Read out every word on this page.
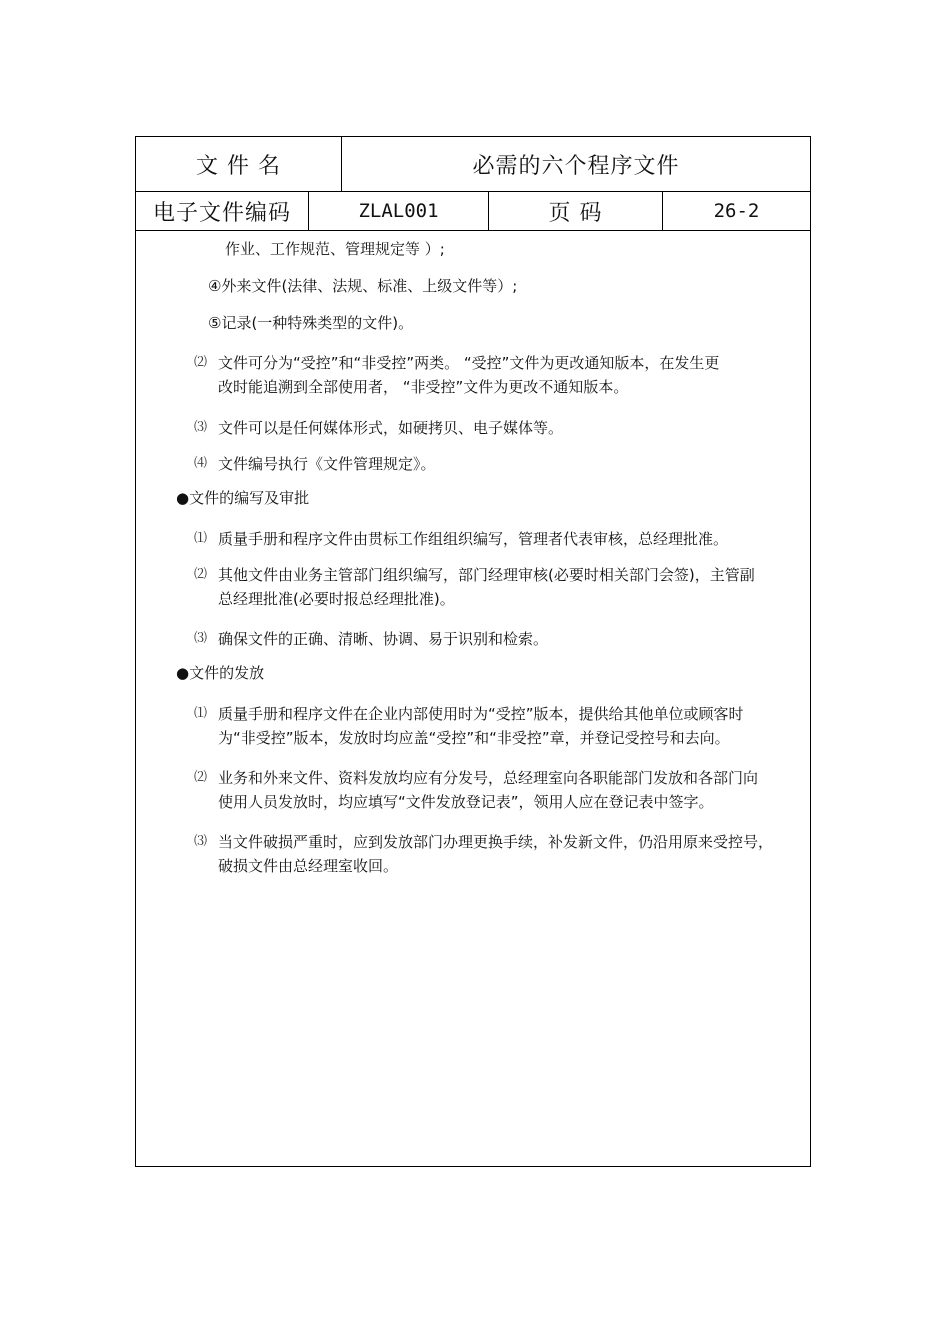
文 件 名	必需的六个程序文件
电子文件编码	ZLAL001	页 码	26-2
作业、工作规范、管理规定等 ）;
④外来文件(法律、法规、标准、上级文件等）;
⑤记录(一种特殊类型的文件)。
⑵ 文件可分为“受控”和“非受控”两类。 “受控”文件为更改通知版本，在发生更
改时能追溯到全部使用者， “非受控”文件为更改不通知版本。
⑶ 文件可以是任何媒体形式，如硬拷贝、电子媒体等。
⑷ 文件编号执行《文件管理规定》。
●文件的编写及审批
⑴ 质量手册和程序文件由贯标工作组组织编写，管理者代表审核，总经理批准。
⑵ 其他文件由业务主管部门组织编写，部门经理审核(必要时相关部门会签)，主管副
总经理批准(必要时报总经理批准)。
⑶ 确保文件的正确、清晰、协调、易于识别和检索。
●文件的发放
⑴ 质量手册和程序文件在企业内部使用时为“受控”版本，提供给其他单位或顾客时
为“非受控”版本，发放时均应盖“受控”和“非受控”章，并登记受控号和去向。
⑵ 业务和外来文件、资料发放均应有分发号，总经理室向各职能部门发放和各部门向
使用人员发放时，均应填写“文件发放登记表”，领用人应在登记表中签字。
⑶ 当文件破损严重时，应到发放部门办理更换手续，补发新文件，仍沿用原来受控号，
破损文件由总经理室收回。
